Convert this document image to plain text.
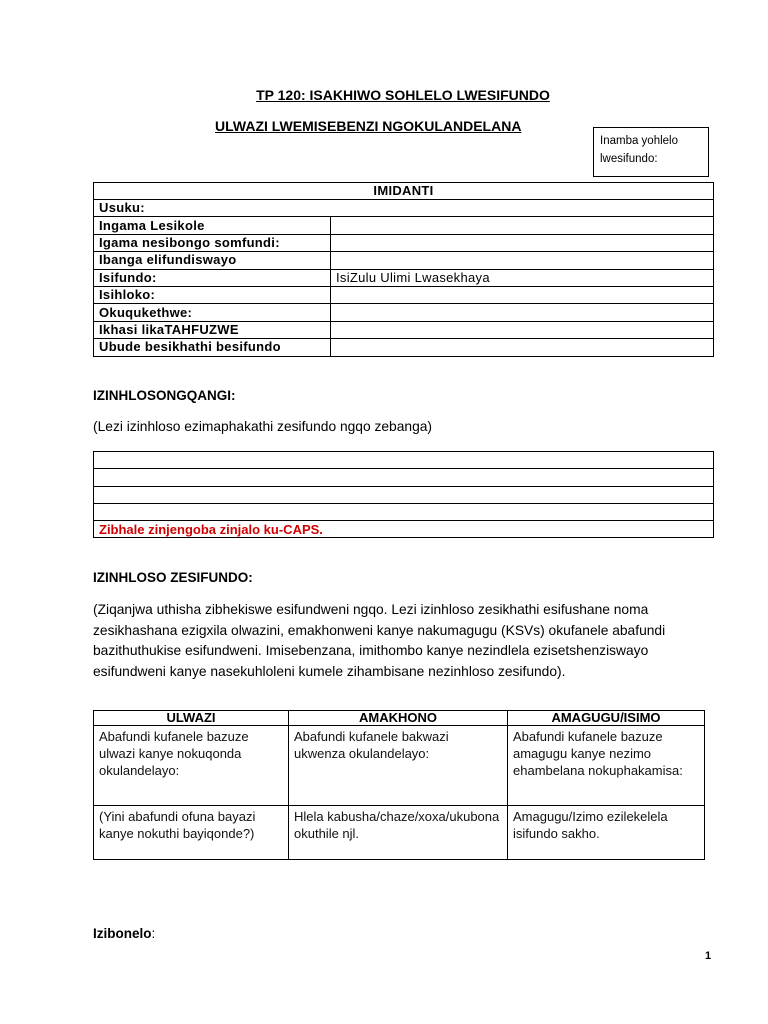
TP 120: ISAKHIWO SOHLELO LWESIFUNDO
ULWAZI LWEMISEBENZI NGOKULANDELANA
Inamba yohlelo
lwesifundo:
IMIDANTI	
Usuku:	
Ingama Lesikole	
Igama nesibongo somfundi:	
Ibanga elifundiswayo	
Isifundo:	IsiZulu Ulimi Lwasekhaya
Isihloko:	
Okuqukethwe:	
Ikhasi likaTAHFUZWE	
Ubude besikhathi besifundo	
IZINHLOSONGQANGI:
(Lezi izinhloso ezimaphakathi zesifundo ngqo zebanga)

Zibhale zinjengoba zinjalo ku-CAPS.
IZINHLOSO ZESIFUNDO:
(Ziqanjwa uthisha zibhekiswe esifundweni ngqo. Lezi izinhloso zesikhathi esifushane noma zesikhashana ezigxila olwazini, emakhonweni kanye nakumagugu (KSVs) okufanele abafundi bazithuthukise esifundweni. Imisebenzana, imithombo kanye nezindlela ezisetshenziswayo esifundweni kanye nasekuhloleni kumele zihambisane nezinhloso zesifundo).
ULWAZI	AMAKHONO	AMAGUGU/ISIMO
Abafundi kufanele bazuze ulwazi kanye nokuqonda okulandelayo:	Abafundi kufanele bakwazi ukwenza okulandelayo:	Abafundi kufanele bazuze amagugu kanye nezimo ehambelana nokuphakamisa:
(Yini abafundi ofuna bayazi kanye nokuthi bayiqonde?)	Hlela kabusha/chaze/xoxa/ukubona okuthile njl.	Amagugu/Izimo ezilekelela isifundo sakho.
Izibonelo:
1
